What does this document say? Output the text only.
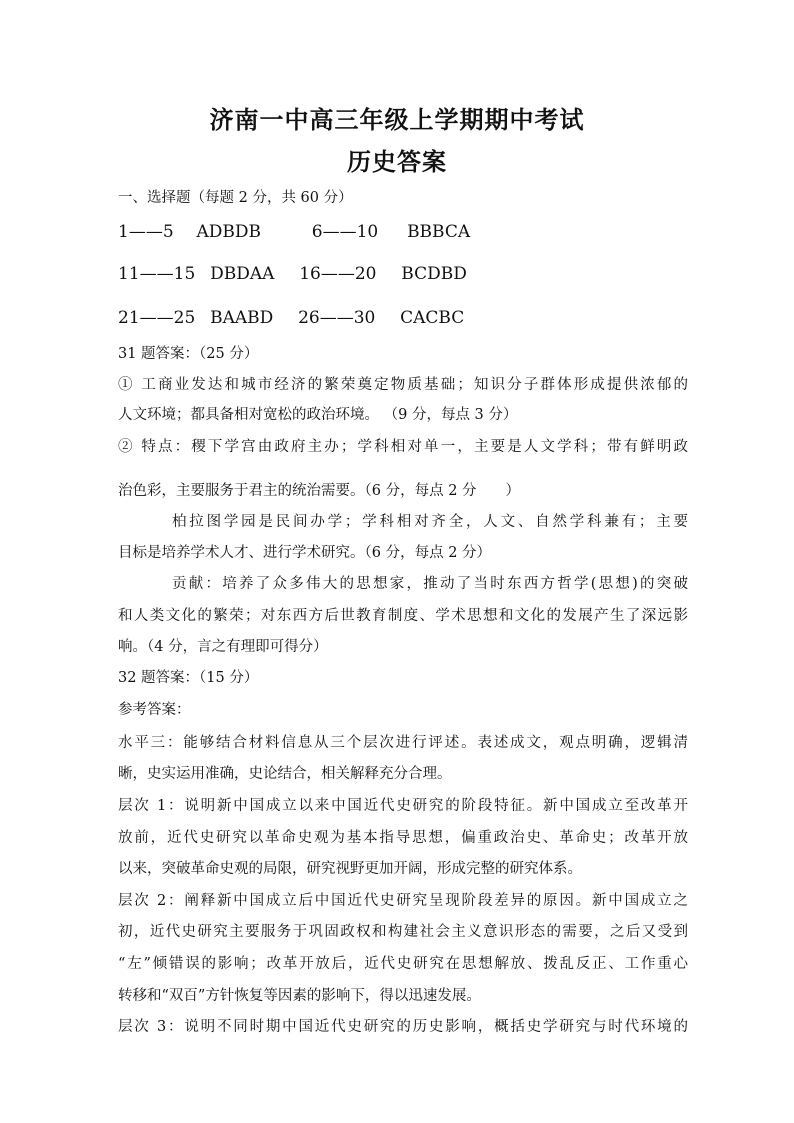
济南一中高三年级上学期期中考试
历史答案
一、选择题（每题 2 分，共 60 分）
1——5 ADBDB	6——10 BBBCA
11——15 DBDAA 16——20 BCDBD
21——25 BAABD 26——30 CACBC
31 题答案：（25 分）
① 工商业发达和城市经济的繁荣奠定物质基础；知识分子群体形成提供浓郁的
人文环境；都具备相对宽松的政治环境。 （9 分，每点 3 分）
② 特点：稷下学宫由政府主办；学科相对单一，主要是人文学科；带有鲜明政
治色彩，主要服务于君主的统治需要。（6 分，每点 2 分　　）
柏拉图学园是民间办学；学科相对齐全，人文、自然学科兼有；主要
目标是培养学术人才、进行学术研究。（6 分，每点 2 分）
贡献：培养了众多伟大的思想家，推动了当时东西方哲学(思想)的突破
和人类文化的繁荣；对东西方后世教育制度、学术思想和文化的发展产生了深远影
响。（4 分，言之有理即可得分）
32 题答案：（15 分）
参考答案：
水平三：能够结合材料信息从三个层次进行评述。表述成文，观点明确，逻辑清
晰，史实运用准确，史论结合，相关解释充分合理。
层次 1：说明新中国成立以来中国近代史研究的阶段特征。新中国成立至改革开
放前，近代史研究以革命史观为基本指导思想，偏重政治史、革命史；改革开放
以来，突破革命史观的局限，研究视野更加开阔，形成完整的研究体系。
层次 2：阐释新中国成立后中国近代史研究呈现阶段差异的原因。新中国成立之
初，近代史研究主要服务于巩固政权和构建社会主义意识形态的需要，之后又受到
“左”倾错误的影响；改革开放后，近代史研究在思想解放、拨乱反正、工作重心
转移和“双百”方针恢复等因素的影响下，得以迅速发展。
层次 3：说明不同时期中国近代史研究的历史影响，概括史学研究与时代环境的
